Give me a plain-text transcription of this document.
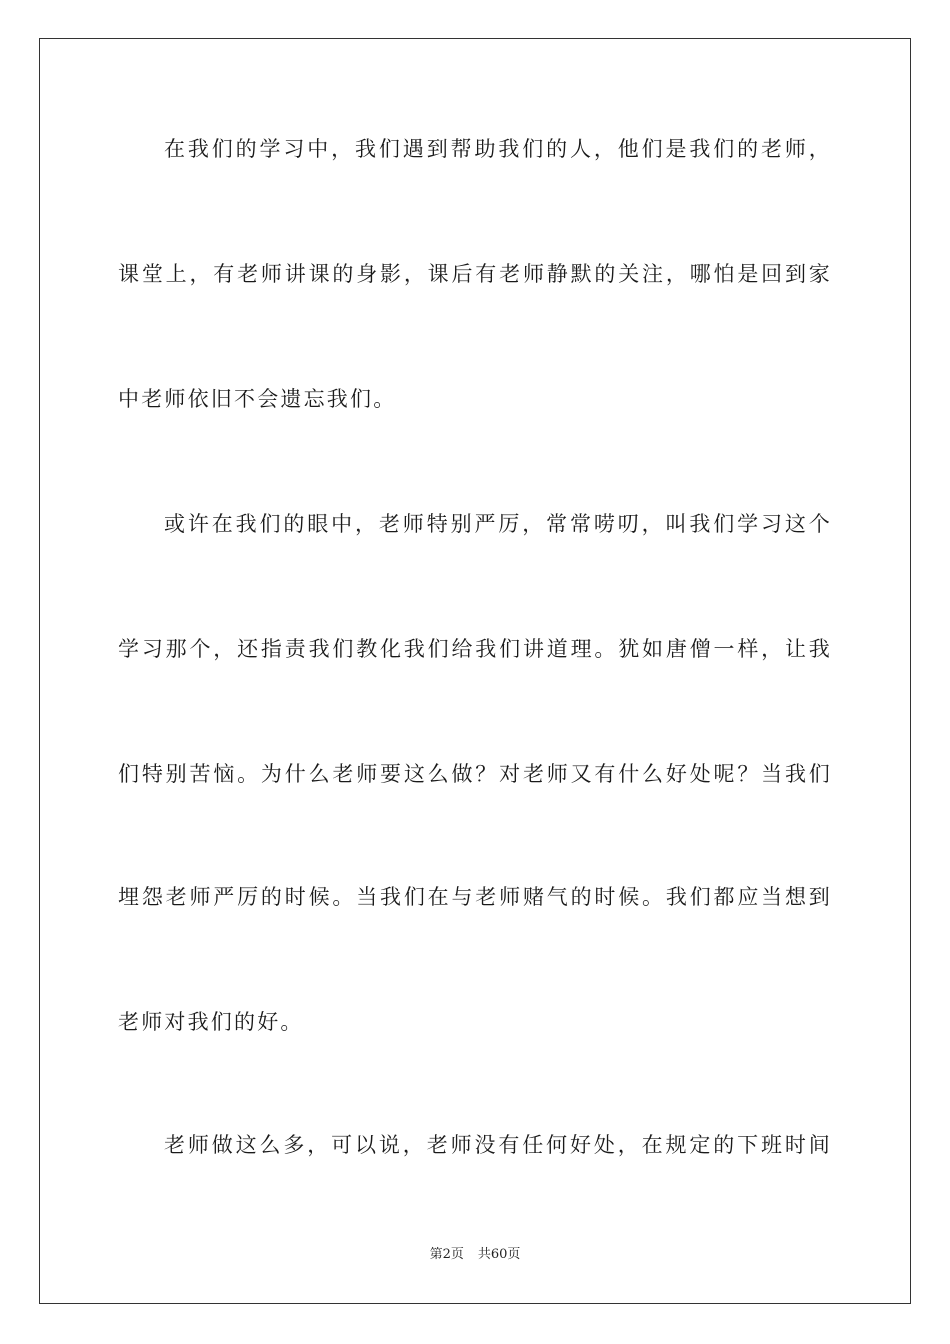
在我们的学习中，我们遇到帮助我们的人，他们是我们的老师，
课堂上，有老师讲课的身影，课后有老师静默的关注，哪怕是回到家
中老师依旧不会遗忘我们。
或许在我们的眼中，老师特别严厉，常常唠叨，叫我们学习这个
学习那个，还指责我们教化我们给我们讲道理。犹如唐僧一样，让我
们特别苦恼。为什么老师要这么做？对老师又有什么好处呢？当我们
埋怨老师严厉的时候。当我们在与老师赌气的时候。我们都应当想到
老师对我们的好。
老师做这么多，可以说，老师没有任何好处，在规定的下班时间
第2页 共60页
